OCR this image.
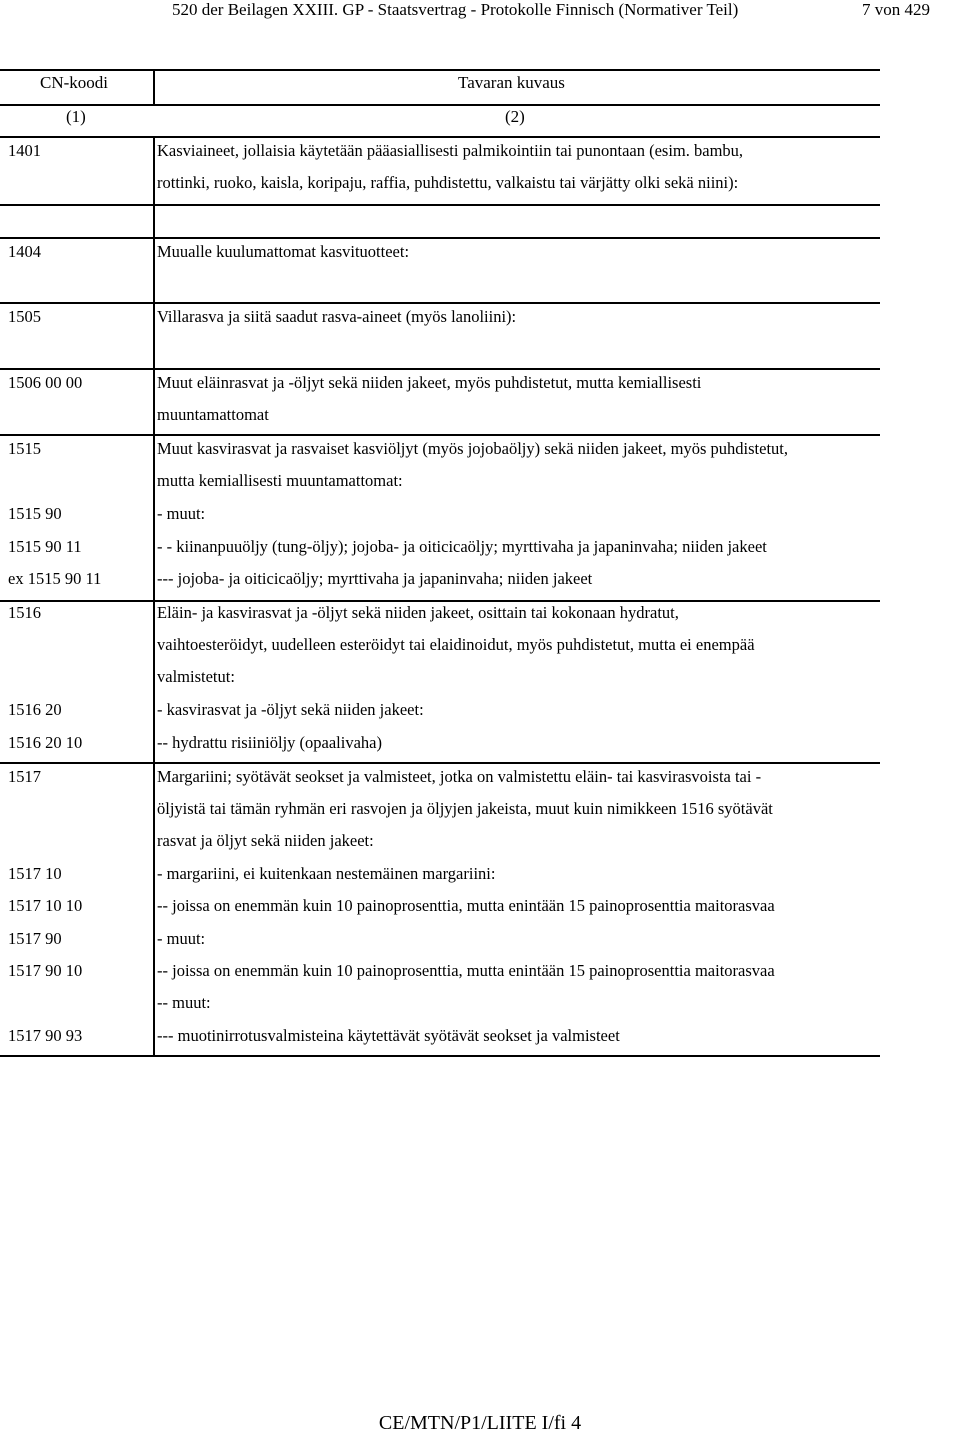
520 der Beilagen XXIII. GP - Staatsvertrag - Protokolle Finnisch (Normativer Teil)	7 von 429
CN-koodi	Tavaran kuvaus
(1)	(2)
1401	Kasviaineet, jollaisia käytetään pääasiallisesti palmikointiin tai punontaan (esim. bambu,
rottinki, ruoko, kaisla, koripaju, raffia, puhdistettu, valkaistu tai värjätty olki sekä niini):
1404	Muualle kuulumattomat kasvituotteet:
1505	Villarasva ja siitä saadut rasva-aineet (myös lanoliini):
1506 00 00	Muut eläinrasvat ja -öljyt sekä niiden jakeet, myös puhdistetut, mutta kemiallisesti
muuntamattomat
1515	Muut kasvirasvat ja rasvaiset kasviöljyt (myös jojobaöljy) sekä niiden jakeet, myös puhdistetut,
mutta kemiallisesti muuntamattomat:
1515 90	- muut:
1515 90 11	- - kiinanpuuöljy (tung-öljy); jojoba- ja oiticicaöljy; myrttivaha ja japaninvaha; niiden jakeet
ex 1515 90 11	--- jojoba- ja oiticicaöljy; myrttivaha ja japaninvaha; niiden jakeet
1516	Eläin- ja kasvirasvat ja -öljyt sekä niiden jakeet, osittain tai kokonaan hydratut,
vaihtoesteröidyt, uudelleen esteröidyt tai elaidinoidut, myös puhdistetut, mutta ei enempää
valmistetut:
1516 20	- kasvirasvat ja -öljyt sekä niiden jakeet:
1516 20 10	-- hydrattu risiiniöljy (opaalivaha)
1517	Margariini; syötävät seokset ja valmisteet, jotka on valmistettu eläin- tai kasvirasvoista tai -
öljyistä tai tämän ryhmän eri rasvojen ja öljyjen jakeista, muut kuin nimikkeen 1516 syötävät
rasvat ja öljyt sekä niiden jakeet:
1517 10	- margariini, ei kuitenkaan nestemäinen margariini:
1517 10 10	-- joissa on enemmän kuin 10 painoprosenttia, mutta enintään 15 painoprosenttia maitorasvaa
1517 90	- muut:
1517 90 10	-- joissa on enemmän kuin 10 painoprosenttia, mutta enintään 15 painoprosenttia maitorasvaa
-- muut:
1517 90 93	--- muotinirrotusvalmisteina käytettävät syötävät seokset ja valmisteet
CE/MTN/P1/LIITE I/fi 4
